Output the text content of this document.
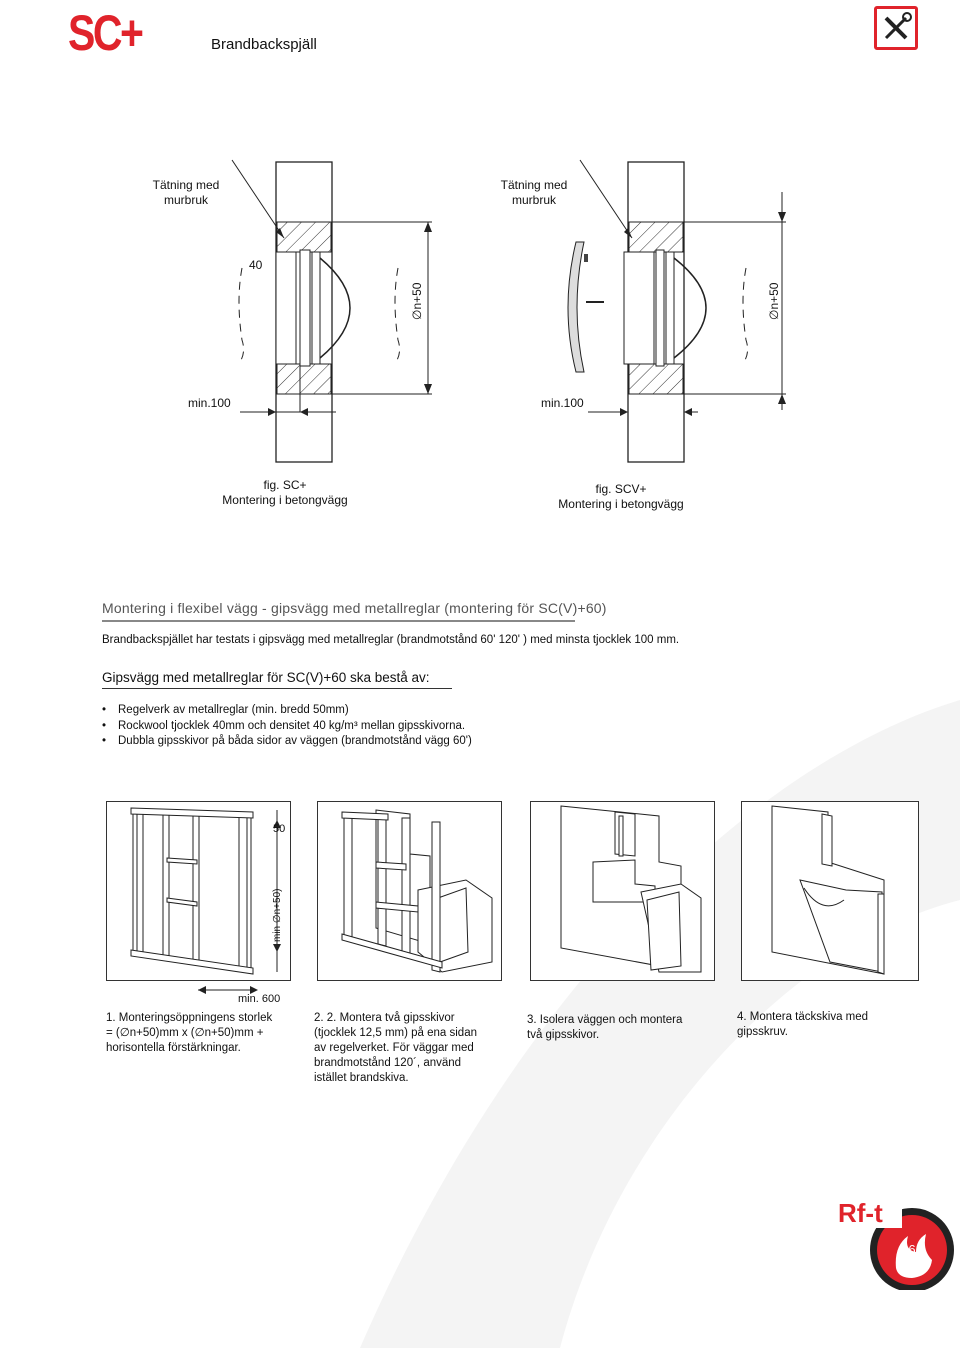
SC+	Brandbackspjäll
Tätning med
murbruk
40
∅n+50
min.100
fig. SC+
Montering i betongvägg
Tätning med
murbruk
∅n+50
min.100
fig. SCV+
Montering i betongvägg
Montering i flexibel vägg - gipsvägg med metallreglar (montering för SC(V)+60)
Brandbackspjället har testats i gipsvägg med metallreglar (brandmotstånd 60' 120' ) med minsta tjocklek 100 mm.
Gipsvägg med metallreglar för SC(V)+60 ska bestå av:
• Regelverk av metallreglar (min. bredd 50mm)
• Rockwool tjocklek 40mm och densitet 40 kg/m³ mellan gipsskivorna.
• Dubbla gipsskivor på båda sidor av väggen (brandmotstånd vägg 60')
50
min ∅n+50)
min. 600
1. Monteringsöppningens storlek
= (∅n+50)mm x (∅n+50)mm +
horisontella förstärkningar.
2. 2. Montera två gipsskivor
(tjocklek 12,5 mm) på ena sidan
av regelverket. För väggar med
brandmotstånd 120´, använd
istället brandskiva.
3. Isolera väggen och montera
två gipsskivor.
4. Montera täckskiva med
gipsskruv.
Rf-t
6
